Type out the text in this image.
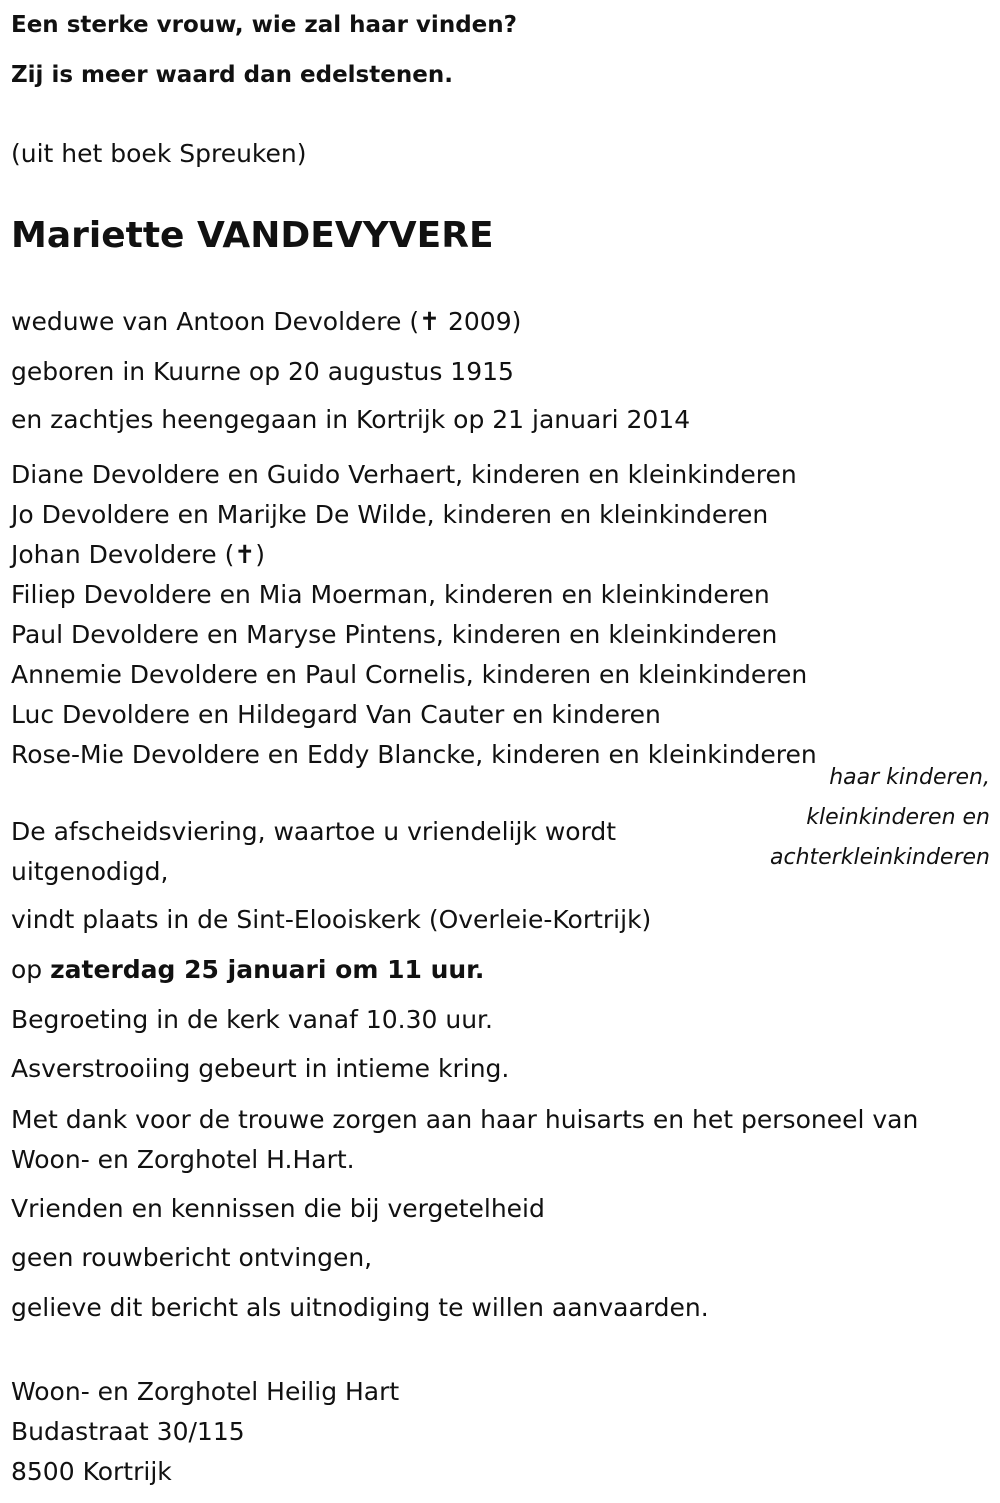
Een sterke vrouw, wie zal haar vinden?
Zij is meer waard dan edelstenen.
(uit het boek Spreuken)
Mariette VANDEVYVERE
weduwe van Antoon Devoldere (✝ 2009)
geboren in Kuurne op 20 augustus 1915
en zachtjes heengegaan in Kortrijk op 21 januari 2014
Diane Devoldere en Guido Verhaert, kinderen en kleinkinderen
Jo Devoldere en Marijke De Wilde, kinderen en kleinkinderen
Johan Devoldere (✝)
Filiep Devoldere en Mia Moerman, kinderen en kleinkinderen
Paul Devoldere en Maryse Pintens, kinderen en kleinkinderen
Annemie Devoldere en Paul Cornelis, kinderen en kleinkinderen
Luc Devoldere en Hildegard Van Cauter en kinderen
Rose-Mie Devoldere en Eddy Blancke, kinderen en kleinkinderen
haar kinderen,
kleinkinderen en
achterkleinkinderen
De afscheidsviering, waartoe u vriendelijk wordt
uitgenodigd,
vindt plaats in de Sint-Elooiskerk (Overleie-Kortrijk)
op zaterdag 25 januari om 11 uur.
Begroeting in de kerk vanaf 10.30 uur.
Asverstrooiing gebeurt in intieme kring.
Met dank voor de trouwe zorgen aan haar huisarts en het personeel van
Woon- en Zorghotel H.Hart.
Vrienden en kennissen die bij vergetelheid
geen rouwbericht ontvingen,
gelieve dit bericht als uitnodiging te willen aanvaarden.
Woon- en Zorghotel Heilig Hart
Budastraat 30/115
8500 Kortrijk
